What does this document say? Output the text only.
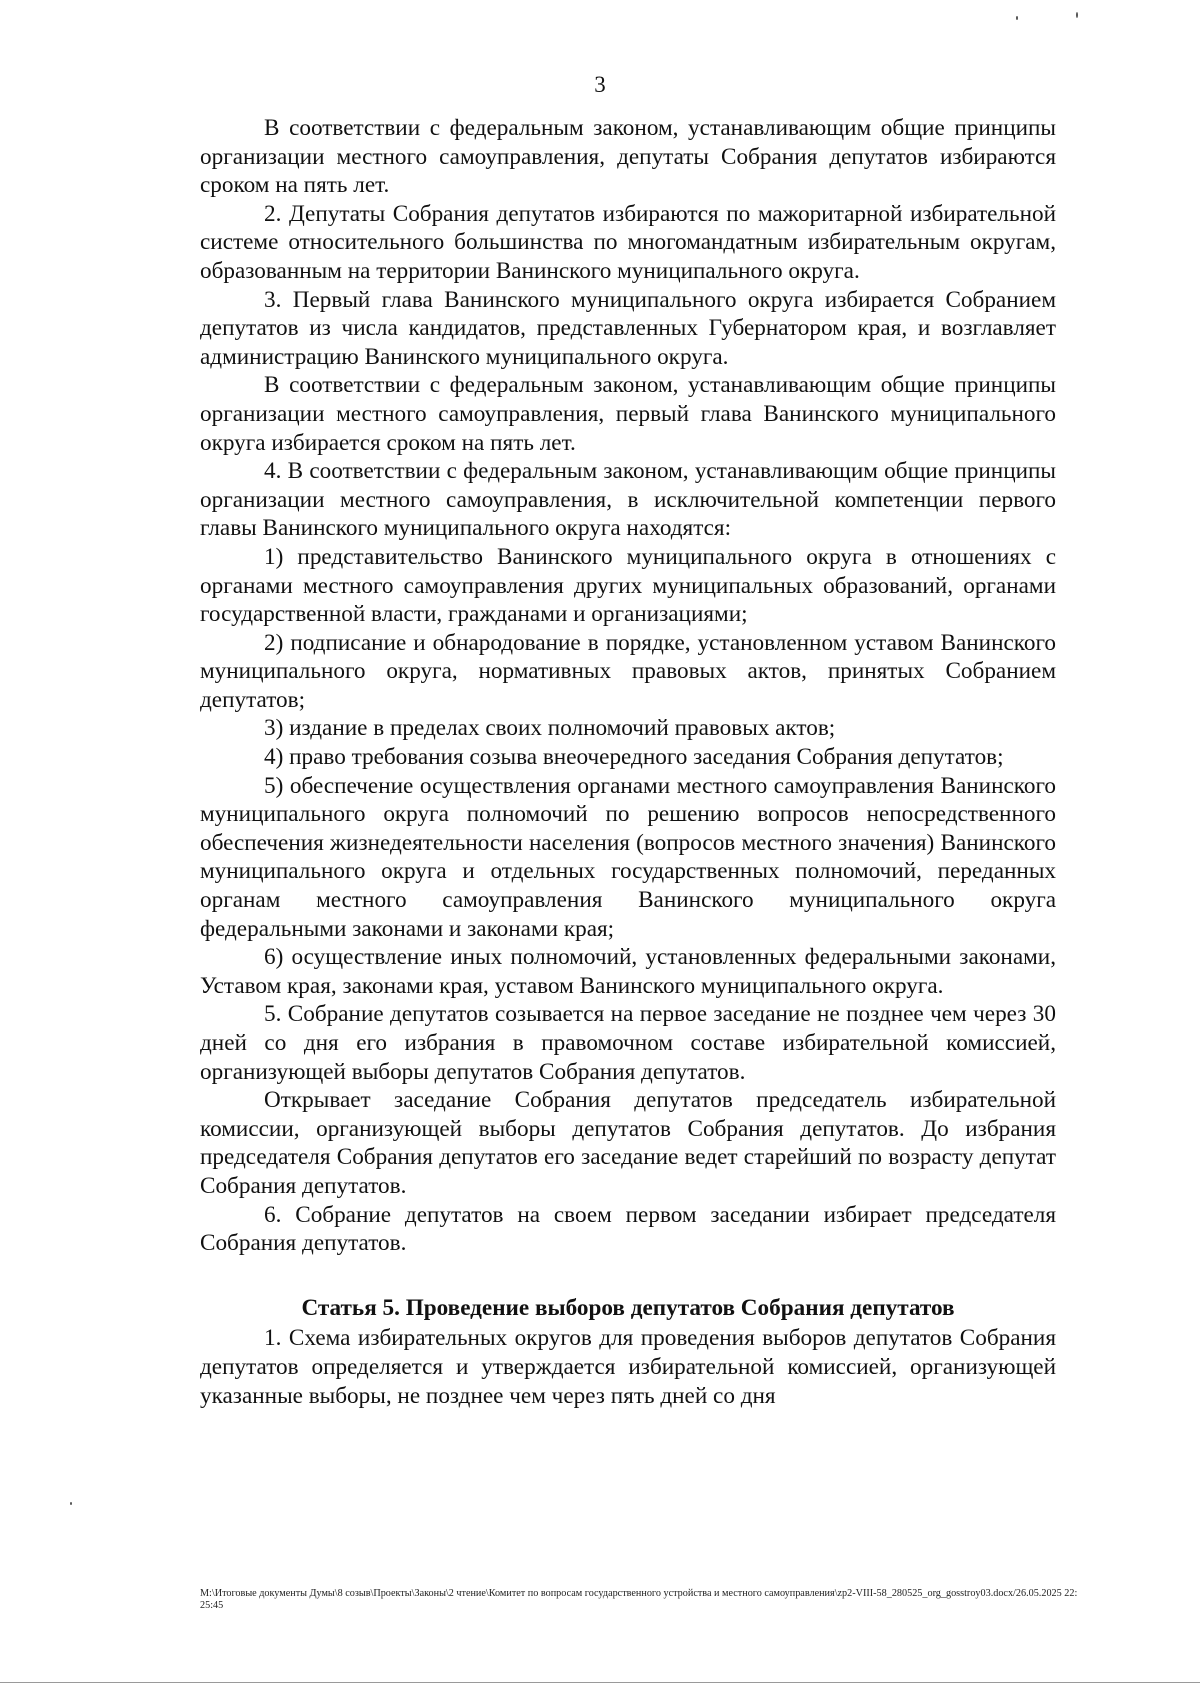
3

В соответствии с федеральным законом, устанавливающим общие принципы организации местного самоуправления, депутаты Собрания депутатов избираются сроком на пять лет.

2. Депутаты Собрания депутатов избираются по мажоритарной избирательной системе относительного большинства по многомандатным избирательным округам, образованным на территории Ванинского муниципального округа.

3. Первый глава Ванинского муниципального округа избирается Собранием депутатов из числа кандидатов, представленных Губернатором края, и возглавляет администрацию Ванинского муниципального округа.

В соответствии с федеральным законом, устанавливающим общие принципы организации местного самоуправления, первый глава Ванинского муниципального округа избирается сроком на пять лет.

4. В соответствии с федеральным законом, устанавливающим общие принципы организации местного самоуправления, в исключительной компетенции первого главы Ванинского муниципального округа находятся:

1) представительство Ванинского муниципального округа в отношениях с органами местного самоуправления других муниципальных образований, органами государственной власти, гражданами и организациями;

2) подписание и обнародование в порядке, установленном уставом Ванинского муниципального округа, нормативных правовых актов, принятых Собранием депутатов;

3) издание в пределах своих полномочий правовых актов;

4) право требования созыва внеочередного заседания Собрания депутатов;

5) обеспечение осуществления органами местного самоуправления Ванинского муниципального округа полномочий по решению вопросов непосредственного обеспечения жизнедеятельности населения (вопросов местного значения) Ванинского муниципального округа и отдельных государственных полномочий, переданных органам местного самоуправления Ванинского муниципального округа федеральными законами и законами края;

6) осуществление иных полномочий, установленных федеральными законами, Уставом края, законами края, уставом Ванинского муниципального округа.

5. Собрание депутатов созывается на первое заседание не позднее чем через 30 дней со дня его избрания в правомочном составе избирательной комиссией, организующей выборы депутатов Собрания депутатов.

Открывает заседание Собрания депутатов председатель избирательной комиссии, организующей выборы депутатов Собрания депутатов. До избрания председателя Собрания депутатов его заседание ведет старейший по возрасту депутат Собрания депутатов.

6. Собрание депутатов на своем первом заседании избирает председателя Собрания депутатов.

Статья 5. Проведение выборов депутатов Собрания депутатов

1. Схема избирательных округов для проведения выборов депутатов Собрания депутатов определяется и утверждается избирательной комиссией, организующей указанные выборы, не позднее чем через пять дней со дня

M:\Итоговые документы Думы\8 созыв\Проекты\Законы\2 чтение\Комитет по вопросам государственного устройства и местного самоуправления\zp2-VIII-58_280525_org_gosstroy03.docx/26.05.2025 22:25:45
